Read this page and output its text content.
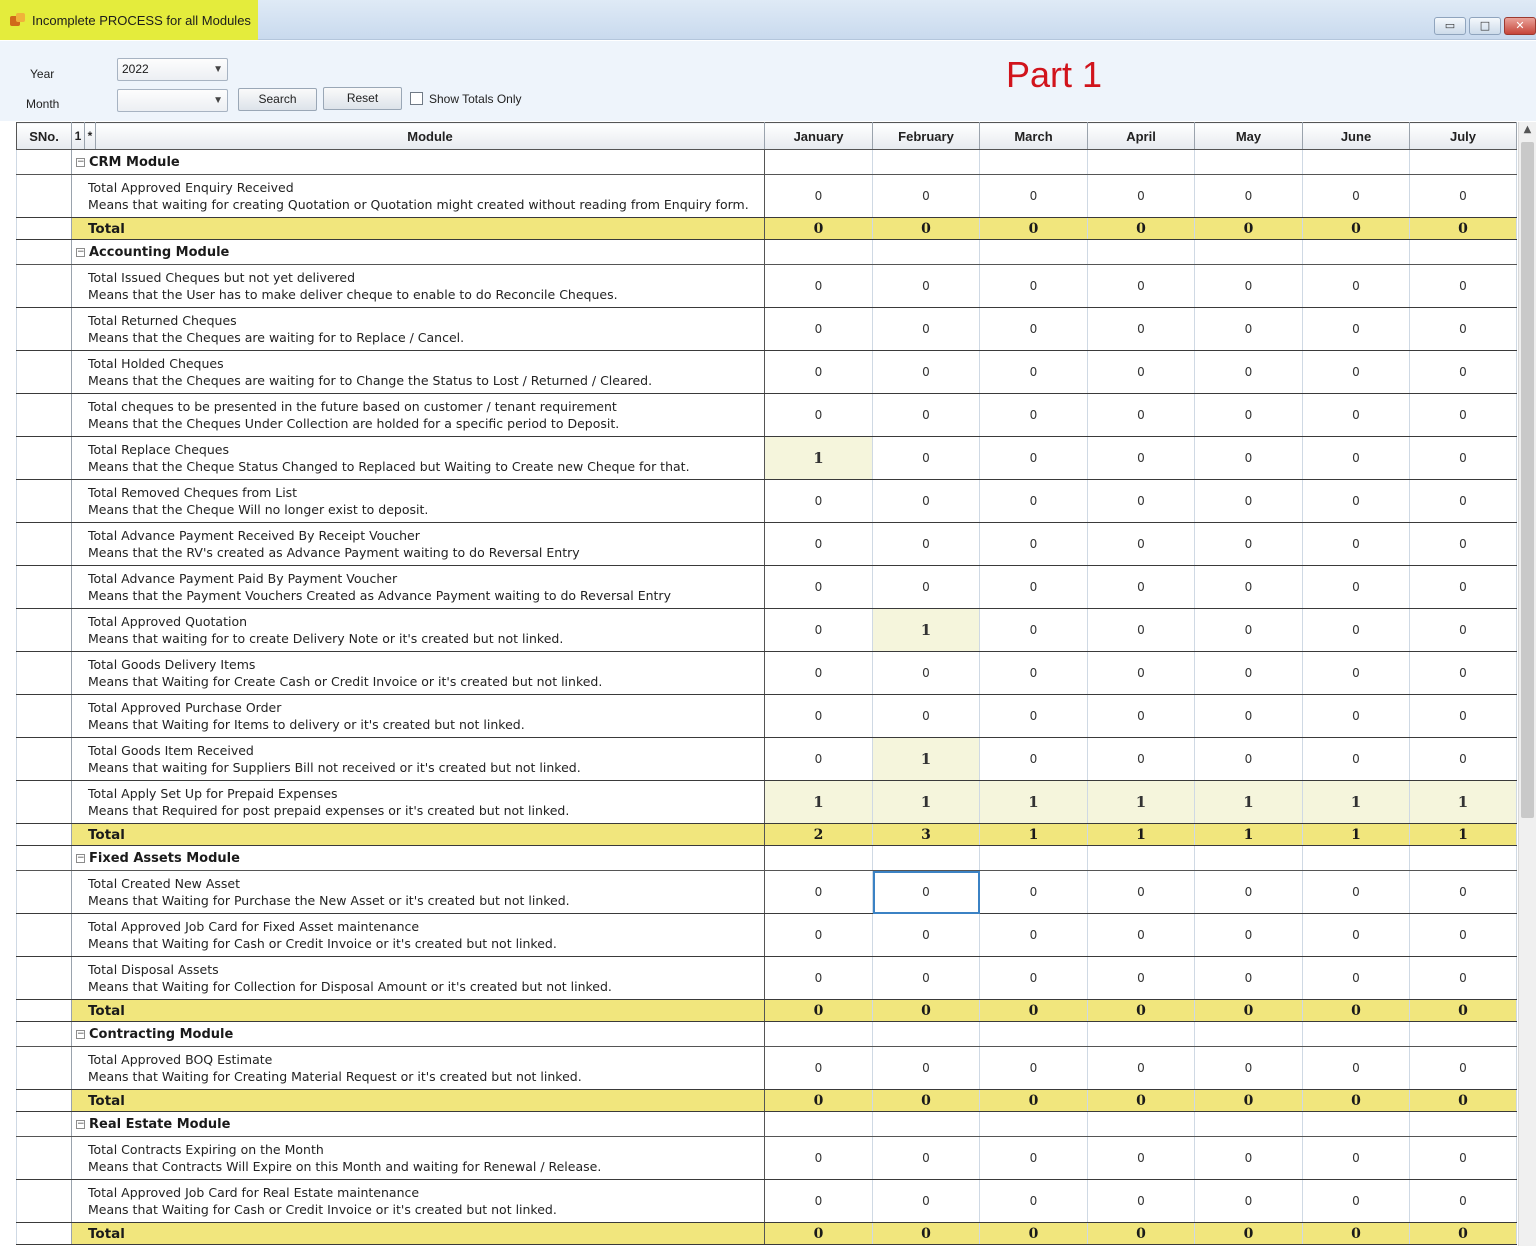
Incomplete PROCESS for all Modules	▭	□	✕
Year	2022	▼
Month	▼	Search	Reset	Show Totals Only
Part 1
SNo.	1	*	Module	January	February	March	April	May	June	July
	− CRM Module									

	Total Approved Enquiry Received
Means that waiting for creating Quotation or Quotation might created without reading from Enquiry form.			0	0	0	0	0	0	0
	Total			0	0	0	0	0	0	0
	− Accounting Module									

	Total Issued Cheques but not yet delivered
Means that the User has to make deliver cheque to enable to do Reconcile Cheques.			0	0	0	0	0	0	0

	Total Returned Cheques
Means that the Cheques are waiting for to Replace / Cancel.			0	0	0	0	0	0	0

	Total Holded Cheques
Means that the Cheques are waiting for to Change the Status to Lost / Returned / Cleared.			0	0	0	0	0	0	0

	Total cheques to be presented in the future based on customer / tenant requirement
Means that the Cheques Under Collection are holded for a specific period to Deposit.			0	0	0	0	0	0	0

	Total Replace Cheques
Means that the Cheque Status Changed to Replaced but Waiting to Create new Cheque for that.			1	0	0	0	0	0	0

	Total Removed Cheques from List
Means that the Cheque Will no longer exist to deposit.			0	0	0	0	0	0	0

	Total Advance Payment Received By Receipt Voucher
Means that the RV's created as Advance Payment waiting to do Reversal Entry			0	0	0	0	0	0	0

	Total Advance Payment Paid By Payment Voucher
Means that the Payment Vouchers Created as Advance Payment waiting to do Reversal Entry			0	0	0	0	0	0	0

	Total Approved Quotation
Means that waiting for to create Delivery Note or it's created but not linked.			0	1	0	0	0	0	0

	Total Goods Delivery Items
Means that Waiting for Create Cash or Credit Invoice or it's created but not linked.			0	0	0	0	0	0	0

	Total Approved Purchase Order
Means that Waiting for Items to delivery or it's created but not linked.			0	0	0	0	0	0	0

	Total Goods Item Received
Means that waiting for Suppliers Bill not received or it's created but not linked.			0	1	0	0	0	0	0

	Total Apply Set Up for Prepaid Expenses
Means that Required for post prepaid expenses or it's created but not linked.			1	1	1	1	1	1	1
	Total			2	3	1	1	1	1	1
	− Fixed Assets Module									

	Total Created New Asset
Means that Waiting for Purchase the New Asset or it's created but not linked.			0	0	0	0	0	0	0

	Total Approved Job Card for Fixed Asset maintenance
Means that Waiting for Cash or Credit Invoice or it's created but not linked.			0	0	0	0	0	0	0

	Total Disposal Assets
Means that Waiting for Collection for Disposal Amount or it's created but not linked.			0	0	0	0	0	0	0
	Total			0	0	0	0	0	0	0
	− Contracting Module									

	Total Approved BOQ Estimate
Means that Waiting for Creating Material Request or it's created but not linked.			0	0	0	0	0	0	0
	Total			0	0	0	0	0	0	0
	− Real Estate Module									

	Total Contracts Expiring on the Month
Means that Contracts Will Expire on this Month and waiting for Renewal / Release.			0	0	0	0	0	0	0

	Total Approved Job Card for Real Estate maintenance
Means that Waiting for Cash or Credit Invoice or it's created but not linked.			0	0	0	0	0	0	0
	Total			0	0	0	0	0	0	0
▲
